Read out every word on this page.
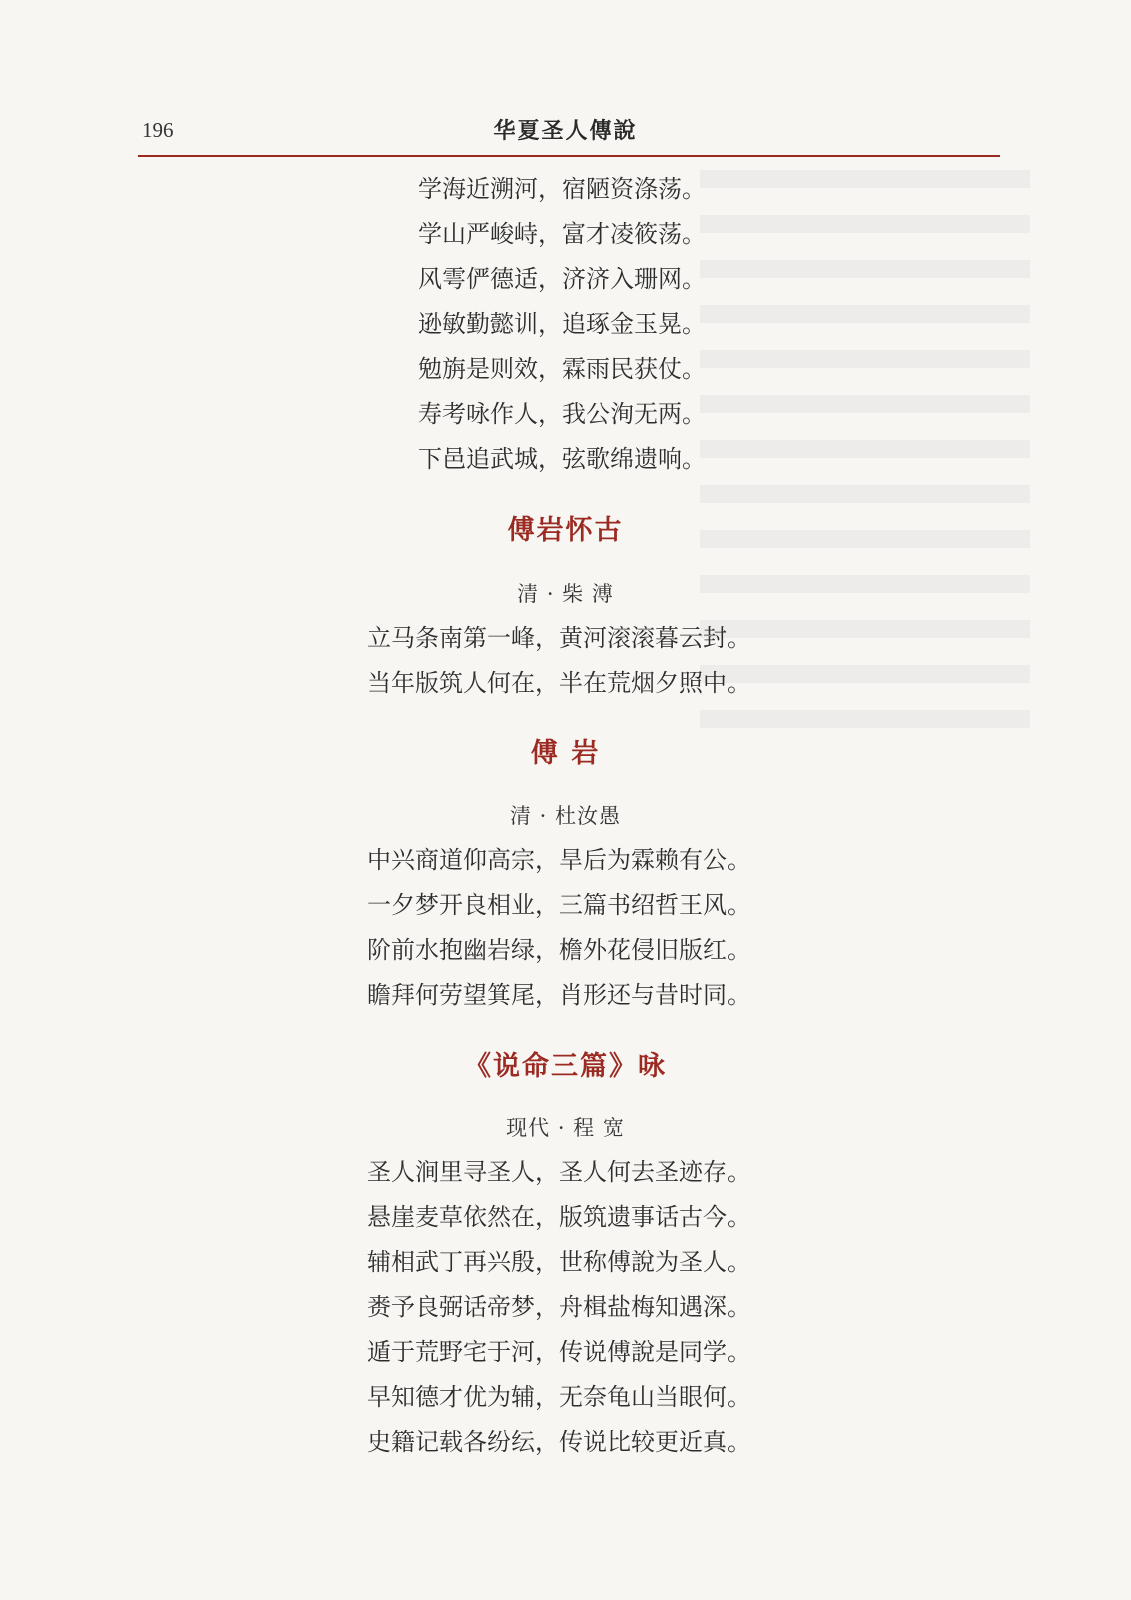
196	华夏圣人傳說
学海近溯河，宿陋资涤荡。
学山严峻峙，富才凌筱荡。
风雩俨德适，济济入珊网。
逊敏勤懿训，追琢金玉晃。
勉旃是则效，霖雨民获仗。
寿考咏作人，我公洵无两。
下邑追武城，弦歌绵遗响。
傅岩怀古
清 · 柴 溥
立马条南第一峰，黄河滚滚暮云封。
当年版筑人何在，半在荒烟夕照中。
傅 岩
清 · 杜汝愚
中兴商道仰高宗，旱后为霖赖有公。
一夕梦开良相业，三篇书绍哲王风。
阶前水抱幽岩绿，檐外花侵旧版红。
瞻拜何劳望箕尾，肖形还与昔时同。
《说命三篇》咏
现代 · 程 宽
圣人涧里寻圣人，圣人何去圣迹存。
悬崖麦草依然在，版筑遗事话古今。
辅相武丁再兴殷，世称傅說为圣人。
赉予良弼话帝梦，舟楫盐梅知遇深。
遁于荒野宅于河，传说傅說是同学。
早知德才优为辅，无奈龟山当眼何。
史籍记载各纷纭，传说比较更近真。
